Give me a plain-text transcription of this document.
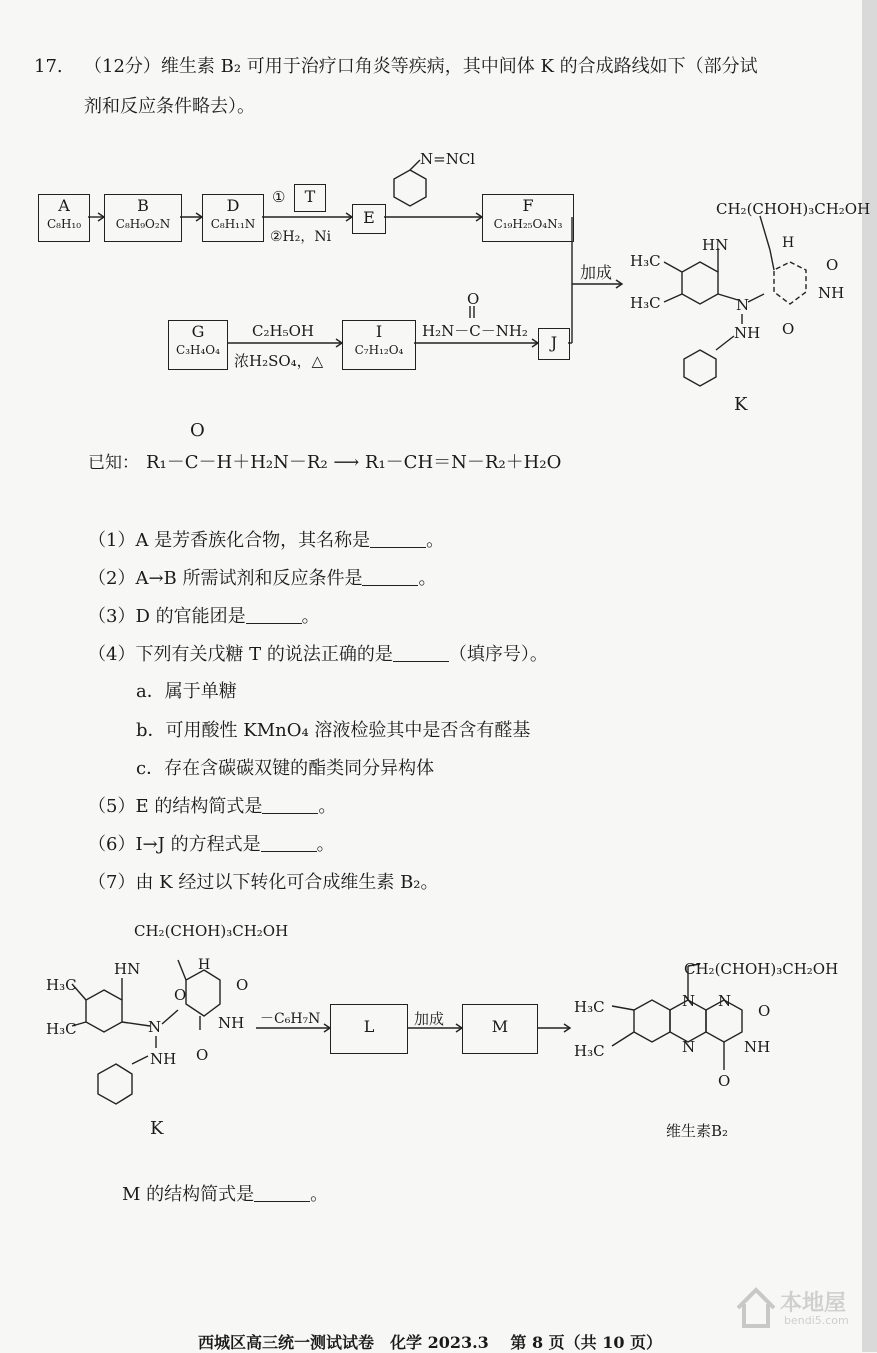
17. （12分）维生素 B₂ 可用于治疗口角炎等疾病，其中间体 K 的合成路线如下（部分试
剂和反应条件略去）。
A
C₈H₁₀
B
C₈H₉O₂N
D
C₈H₁₁N
①	T
②H₂，Ni
E
N=NCl
F
C₁₉H₂₅O₄N₃
G
C₃H₄O₄
C₂H₅OH
浓H₂SO₄，△
I
C₇H₁₂O₄
O
H₂N－C－NH₂
J
加成
CH₂(CHOH)₃CH₂OH
H₃C
H₃C
HN	H
N
NH
O
O
NH
K
O
已知： R₁－C－H＋H₂N－R₂ ⟶ R₁－CH＝N－R₂＋H₂O
（1）A 是芳香族化合物，其名称是	。
（2）A→B 所需试剂和反应条件是	。
（3）D 的官能团是	。
（4）下列有关戊糖 T 的说法正确的是	（填序号）。
a．属于单糖
b．可用酸性 KMnO₄ 溶液检验其中是否含有醛基
c．存在含碳碳双键的酯类同分异构体
（5）E 的结构简式是	。
（6）I→J 的方程式是	。
（7）由 K 经过以下转化可合成维生素 B₂。
CH₂(CHOH)₃CH₂OH
H₃C
H₃C
HN	H
N	NH
O
O
O
NH
K
－C₆H₇N	L	加成	M
CH₂(CHOH)₃CH₂OH
H₃C
H₃C
N N
N
O
O
NH
维生素B₂
M 的结构简式是	。
本地屋
bendi5.com
西城区高三统一测试试卷　化学 2023.3　 第 8 页（共 10 页）
